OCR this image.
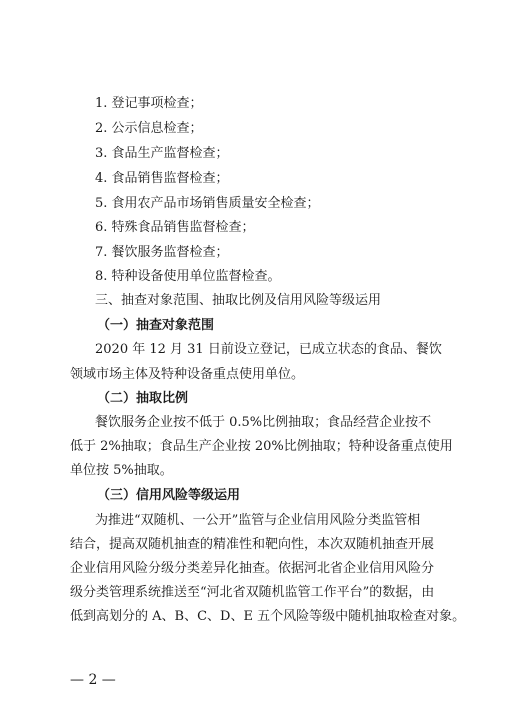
1. 登记事项检查；
2. 公示信息检查；
3. 食品生产监督检查；
4. 食品销售监督检查；
5. 食用农产品市场销售质量安全检查；
6. 特殊食品销售监督检查；
7. 餐饮服务监督检查；
8. 特种设备使用单位监督检查。
三、抽查对象范围、抽取比例及信用风险等级运用
（一）抽查对象范围
2020 年 12 月 31 日前设立登记，已成立状态的食品、餐饮
领域市场主体及特种设备重点使用单位。
（二）抽取比例
餐饮服务企业按不低于 0.5%比例抽取；食品经营企业按不
低于 2%抽取；食品生产企业按 20%比例抽取；特种设备重点使用
单位按 5%抽取。
（三）信用风险等级运用
为推进“双随机、一公开”监管与企业信用风险分类监管相
结合，提高双随机抽查的精准性和靶向性，本次双随机抽查开展
企业信用风险分级分类差异化抽查。依据河北省企业信用风险分
级分类管理系统推送至“河北省双随机监管工作平台”的数据，由
低到高划分的 A、B、C、D、E 五个风险等级中随机抽取检查对象。
— 2 —
